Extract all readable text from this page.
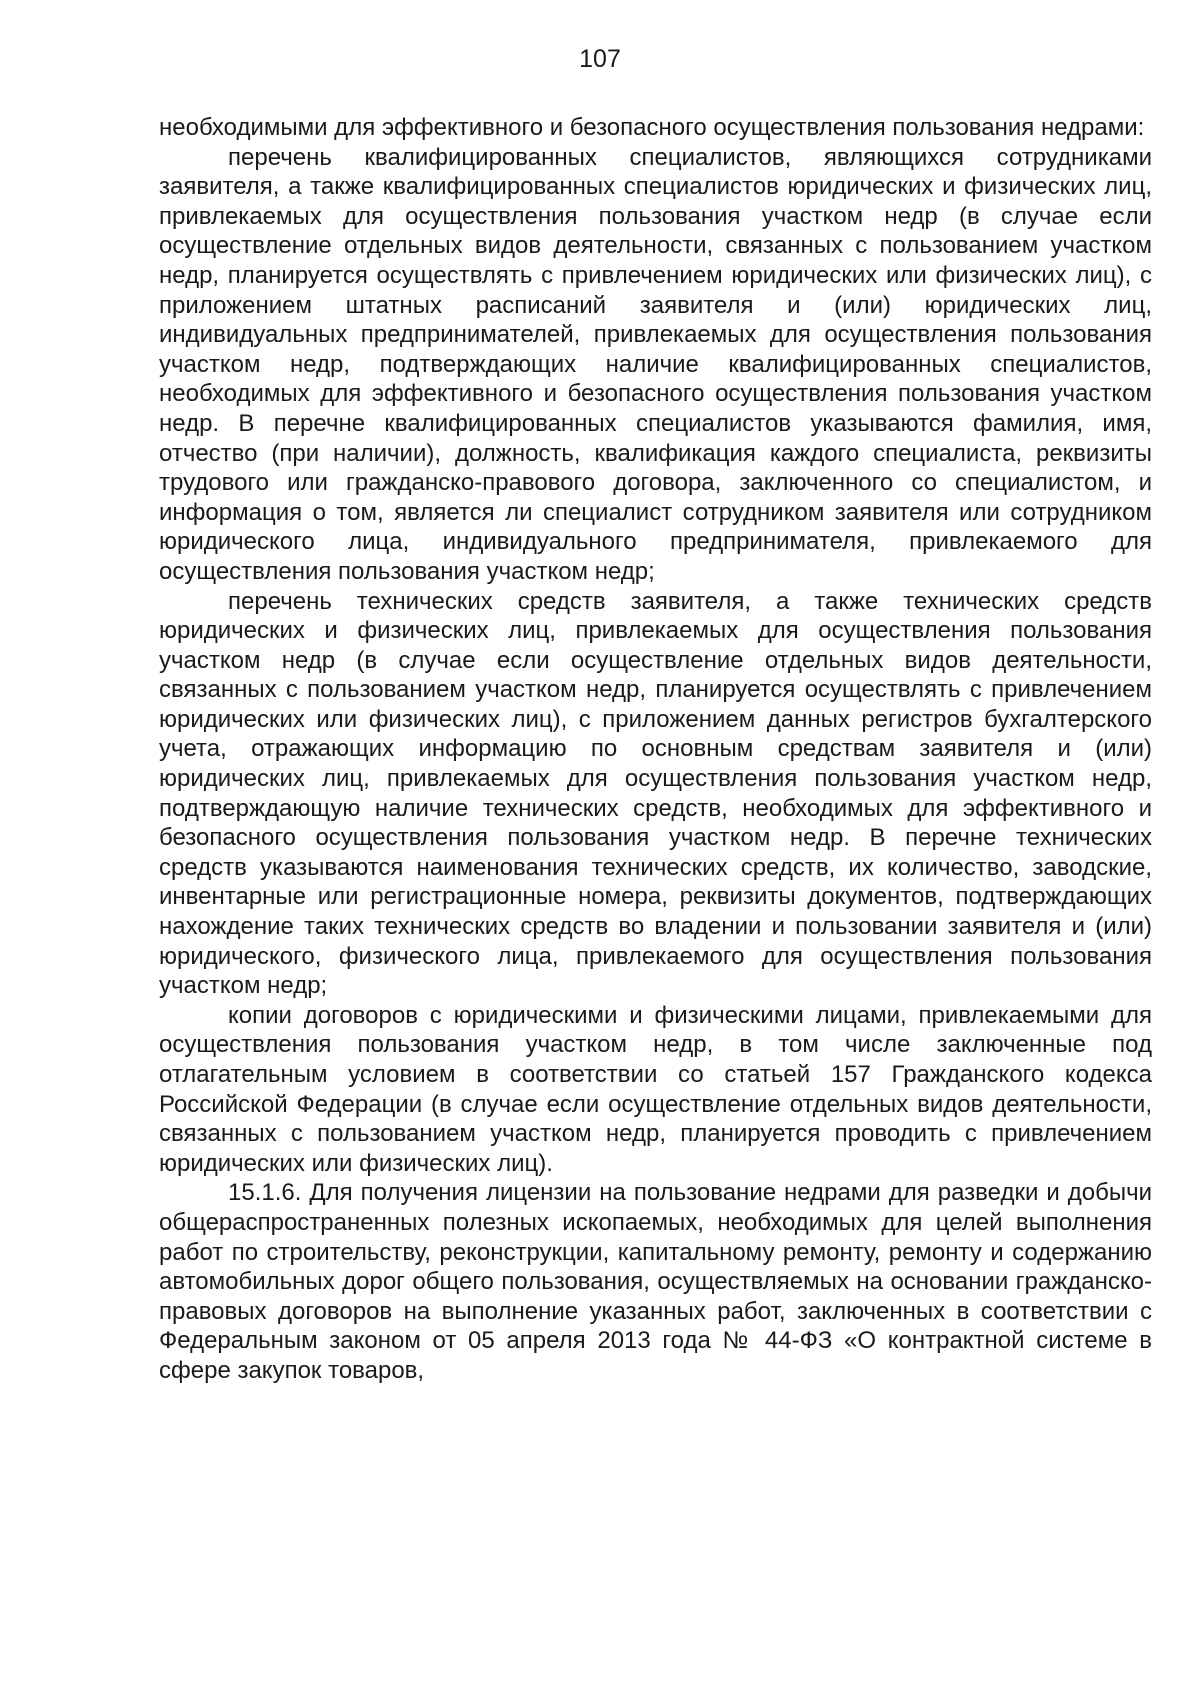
107

необходимыми для эффективного и безопасного осуществления пользования недрами:

перечень квалифицированных специалистов, являющихся сотрудниками заявителя, а также квалифицированных специалистов юридических и физических лиц, привлекаемых для осуществления пользования участком недр (в случае если осуществление отдельных видов деятельности, связанных с пользованием участком недр, планируется осуществлять с привлечением юридических или физических лиц), с приложением штатных расписаний заявителя и (или) юридических лиц, индивидуальных предпринимателей, привлекаемых для осуществления пользования участком недр, подтверждающих наличие квалифицированных специалистов, необходимых для эффективного и безопасного осуществления пользования участком недр. В перечне квалифицированных специалистов указываются фамилия, имя, отчество (при наличии), должность, квалификация каждого специалиста, реквизиты трудового или гражданско-правового договора, заключенного со специалистом, и информация о том, является ли специалист сотрудником заявителя или сотрудником юридического лица, индивидуального предпринимателя, привлекаемого для осуществления пользования участком недр;

перечень технических средств заявителя, а также технических средств юридических и физических лиц, привлекаемых для осуществления пользования участком недр (в случае если осуществление отдельных видов деятельности, связанных с пользованием участком недр, планируется осуществлять с привлечением юридических или физических лиц), с приложением данных регистров бухгалтерского учета, отражающих информацию по основным средствам заявителя и (или) юридических лиц, привлекаемых для осуществления пользования участком недр, подтверждающую наличие технических средств, необходимых для эффективного и безопасного осуществления пользования участком недр. В перечне технических средств указываются наименования технических средств, их количество, заводские, инвентарные или регистрационные номера, реквизиты документов, подтверждающих нахождение таких технических средств во владении и пользовании заявителя и (или) юридического, физического лица, привлекаемого для осуществления пользования участком недр;

копии договоров с юридическими и физическими лицами, привлекаемыми для осуществления пользования участком недр, в том числе заключенные под отлагательным условием в соответствии со статьей 157 Гражданского кодекса Российской Федерации (в случае если осуществление отдельных видов деятельности, связанных с пользованием участком недр, планируется проводить с привлечением юридических или физических лиц).

15.1.6. Для получения лицензии на пользование недрами для разведки и добычи общераспространенных полезных ископаемых, необходимых для целей выполнения работ по строительству, реконструкции, капитальному ремонту, ремонту и содержанию автомобильных дорог общего пользования, осуществляемых на основании гражданско-правовых договоров на выполнение указанных работ, заключенных в соответствии с Федеральным законом от 05 апреля 2013 года № 44-ФЗ «О контрактной системе в сфере закупок товаров,
